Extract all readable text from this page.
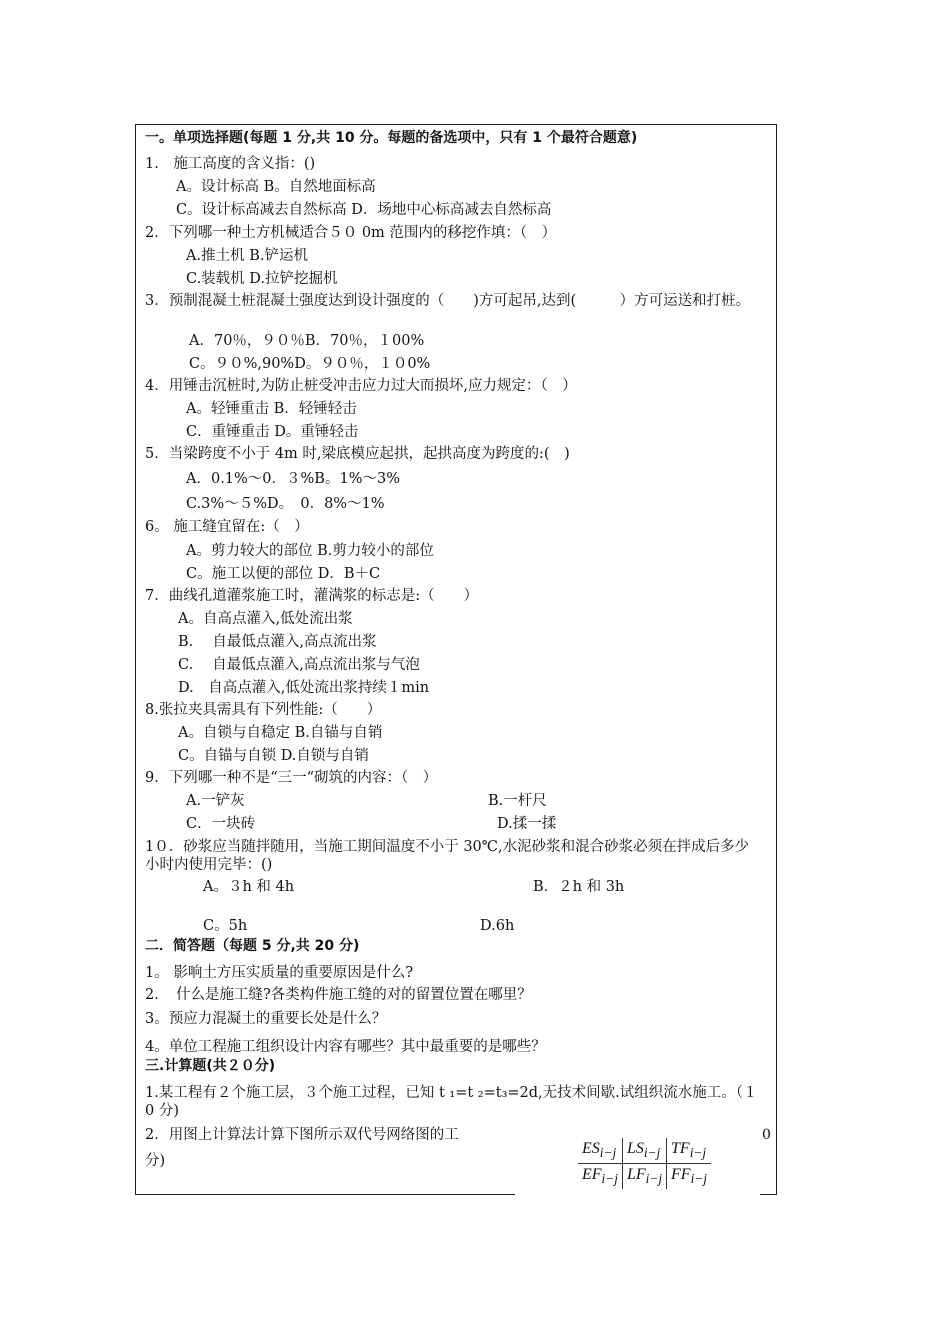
一。单项选择题(每题 1 分,共 10 分。每题的备选项中，只有 1 个最符合题意)
1.　施工高度的含义指：()
A。设计标高 B。自然地面标高
C。设计标高减去自然标高 D．场地中心标高减去自然标高
2．下列哪一种土方机械适合５０ 0m 范围内的移挖作填：（　）
A.推土机 B.铲运机
C.装载机 D.拉铲挖掘机
3．预制混凝土桩混凝土强度达到设计强度的（　　)方可起吊,达到(　　　）方可运送和打桩。
A．70％，９０％B．70％，１00%
C。９０%,90%D。９０％，１０0%
4．用锤击沉桩时,为防止桩受冲击应力过大而损坏,应力规定：（　）
A。轻锤重击 B．轻锤轻击
C．重锤重击 D。重锤轻击
5．当梁跨度不小于 4m 时,梁底模应起拱，起拱高度为跨度的:(　)
A．0.1%～0．３%B。1%～3%
C.3%～５%D。　0．8%～1%
6。 施工缝宜留在:（　）
A。剪力较大的部位 B.剪力较小的部位
C。施工以便的部位 D．B＋C
7．曲线孔道灌浆施工时，灌满浆的标志是:（　　）
A。自高点灌入,低处流出浆
B.　 自最低点灌入,高点流出浆
C.　 自最低点灌入,高点流出浆与气泡
D.　自高点灌入,低处流出浆持续１min
8.张拉夹具需具有下列性能:（　　）
A。自锁与自稳定 B.自锚与自销
C。自锚与自锁 D.自锁与自销
9．下列哪一种不是“三一“砌筑的内容：（　）
A.一铲灰	B.一杆尺
C．一块砖	D.揉一揉
1０．砂浆应当随拌随用，当施工期间温度不小于 30℃,水泥砂浆和混合砂浆必须在拌成后多少小时内使用完毕：()
A。３h 和 4h	B．２h 和 3h
C。5h	D.6h
二．简答题（每题 5 分,共 20 分)
1。 影响土方压实质量的重要原因是什么?
2．　什么是施工缝?各类构件施工缝的对的留置位置在哪里？
3。预应力混凝土的重要长处是什么？
4。单位工程施工组织设计内容有哪些？其中最重要的是哪些？
三.计算题(共２０分)
1.某工程有２个施工层，３个施工过程，已知 t ₁=t ₂=t₃=2d,无技术间歇.试组织流水施工。（１0 分)
2．用图上计算法计算下图所示双代号网络图的工
分)
0
$ES_{i-j}$	$LS_{i-j}$	$TF_{i-j}$
$EF_{i-j}$	$LF_{i-j}$	$FF_{i-j}$
